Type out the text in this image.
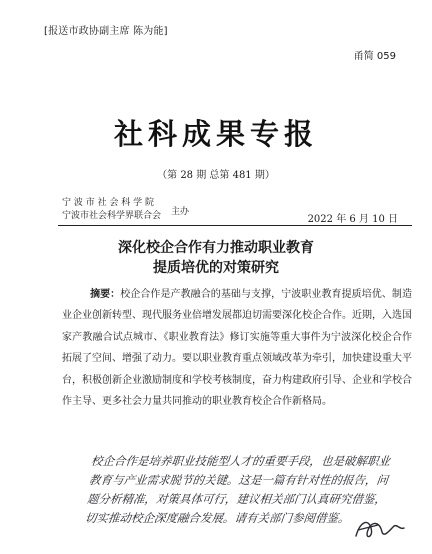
[报送市政协副主席 陈为能]
甬简 059
社科成果专报
（第 28 期 总第 481 期）
宁 波 市 社 会 科 学 院
宁波市社会科学界联合会 主办
2022 年 6 月 10 日
深化校企合作有力推动职业教育
提质培优的对策研究
摘要：校企合作是产教融合的基础与支撑，宁波职业教育提质培优、制造业企业创新转型、现代服务业倍增发展都迫切需要深化校企合作。近期，入选国家产教融合试点城市、《职业教育法》修订实施等重大事件为宁波深化校企合作拓展了空间、增强了动力。要以职业教育重点领域改革为牵引，加快建设重大平台，积极创新企业激励制度和学校考核制度，奋力构建政府引导、企业和学校合作主导、更多社会力量共同推动的职业教育校企合作新格局。
校企合作是培养职业技能型人才的重要手段，也是破解职业教育与产业需求脱节的关键。这是一篇有针对性的报告，问题分析精准，对策具体可行，建议相关部门认真研究借鉴，切实推动校企深度融合发展。请有关部门参阅借鉴。
